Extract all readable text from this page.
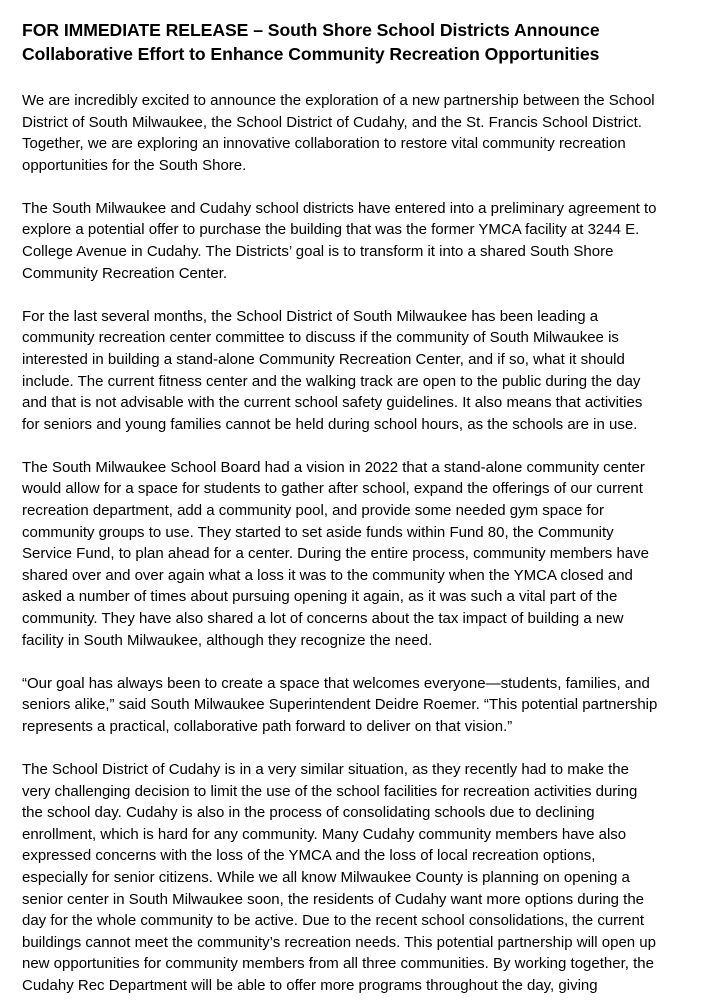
FOR IMMEDIATE RELEASE – South Shore School Districts Announce
Collaborative Effort to Enhance Community Recreation Opportunities

We are incredibly excited to announce the exploration of a new partnership between the School
District of South Milwaukee, the School District of Cudahy, and the St. Francis School District.
Together, we are exploring an innovative collaboration to restore vital community recreation
opportunities for the South Shore.

The South Milwaukee and Cudahy school districts have entered into a preliminary agreement to
explore a potential offer to purchase the building that was the former YMCA facility at 3244 E.
College Avenue in Cudahy. The Districts’ goal is to transform it into a shared South Shore
Community Recreation Center.

For the last several months, the School District of South Milwaukee has been leading a
community recreation center committee to discuss if the community of South Milwaukee is
interested in building a stand-alone Community Recreation Center, and if so, what it should
include. The current fitness center and the walking track are open to the public during the day
and that is not advisable with the current school safety guidelines. It also means that activities
for seniors and young families cannot be held during school hours, as the schools are in use.

The South Milwaukee School Board had a vision in 2022 that a stand-alone community center
would allow for a space for students to gather after school, expand the offerings of our current
recreation department, add a community pool, and provide some needed gym space for
community groups to use. They started to set aside funds within Fund 80, the Community
Service Fund, to plan ahead for a center. During the entire process, community members have
shared over and over again what a loss it was to the community when the YMCA closed and
asked a number of times about pursuing opening it again, as it was such a vital part of the
community. They have also shared a lot of concerns about the tax impact of building a new
facility in South Milwaukee, although they recognize the need.

“Our goal has always been to create a space that welcomes everyone—students, families, and
seniors alike,” said South Milwaukee Superintendent Deidre Roemer. “This potential partnership
represents a practical, collaborative path forward to deliver on that vision.”

The School District of Cudahy is in a very similar situation, as they recently had to make the
very challenging decision to limit the use of the school facilities for recreation activities during
the school day. Cudahy is also in the process of consolidating schools due to declining
enrollment, which is hard for any community. Many Cudahy community members have also
expressed concerns with the loss of the YMCA and the loss of local recreation options,
especially for senior citizens. While we all know Milwaukee County is planning on opening a
senior center in South Milwaukee soon, the residents of Cudahy want more options during the
day for the whole community to be active. Due to the recent school consolidations, the current
buildings cannot meet the community’s recreation needs. This potential partnership will open up
new opportunities for community members from all three communities. By working together, the
Cudahy Rec Department will be able to offer more programs throughout the day, giving
